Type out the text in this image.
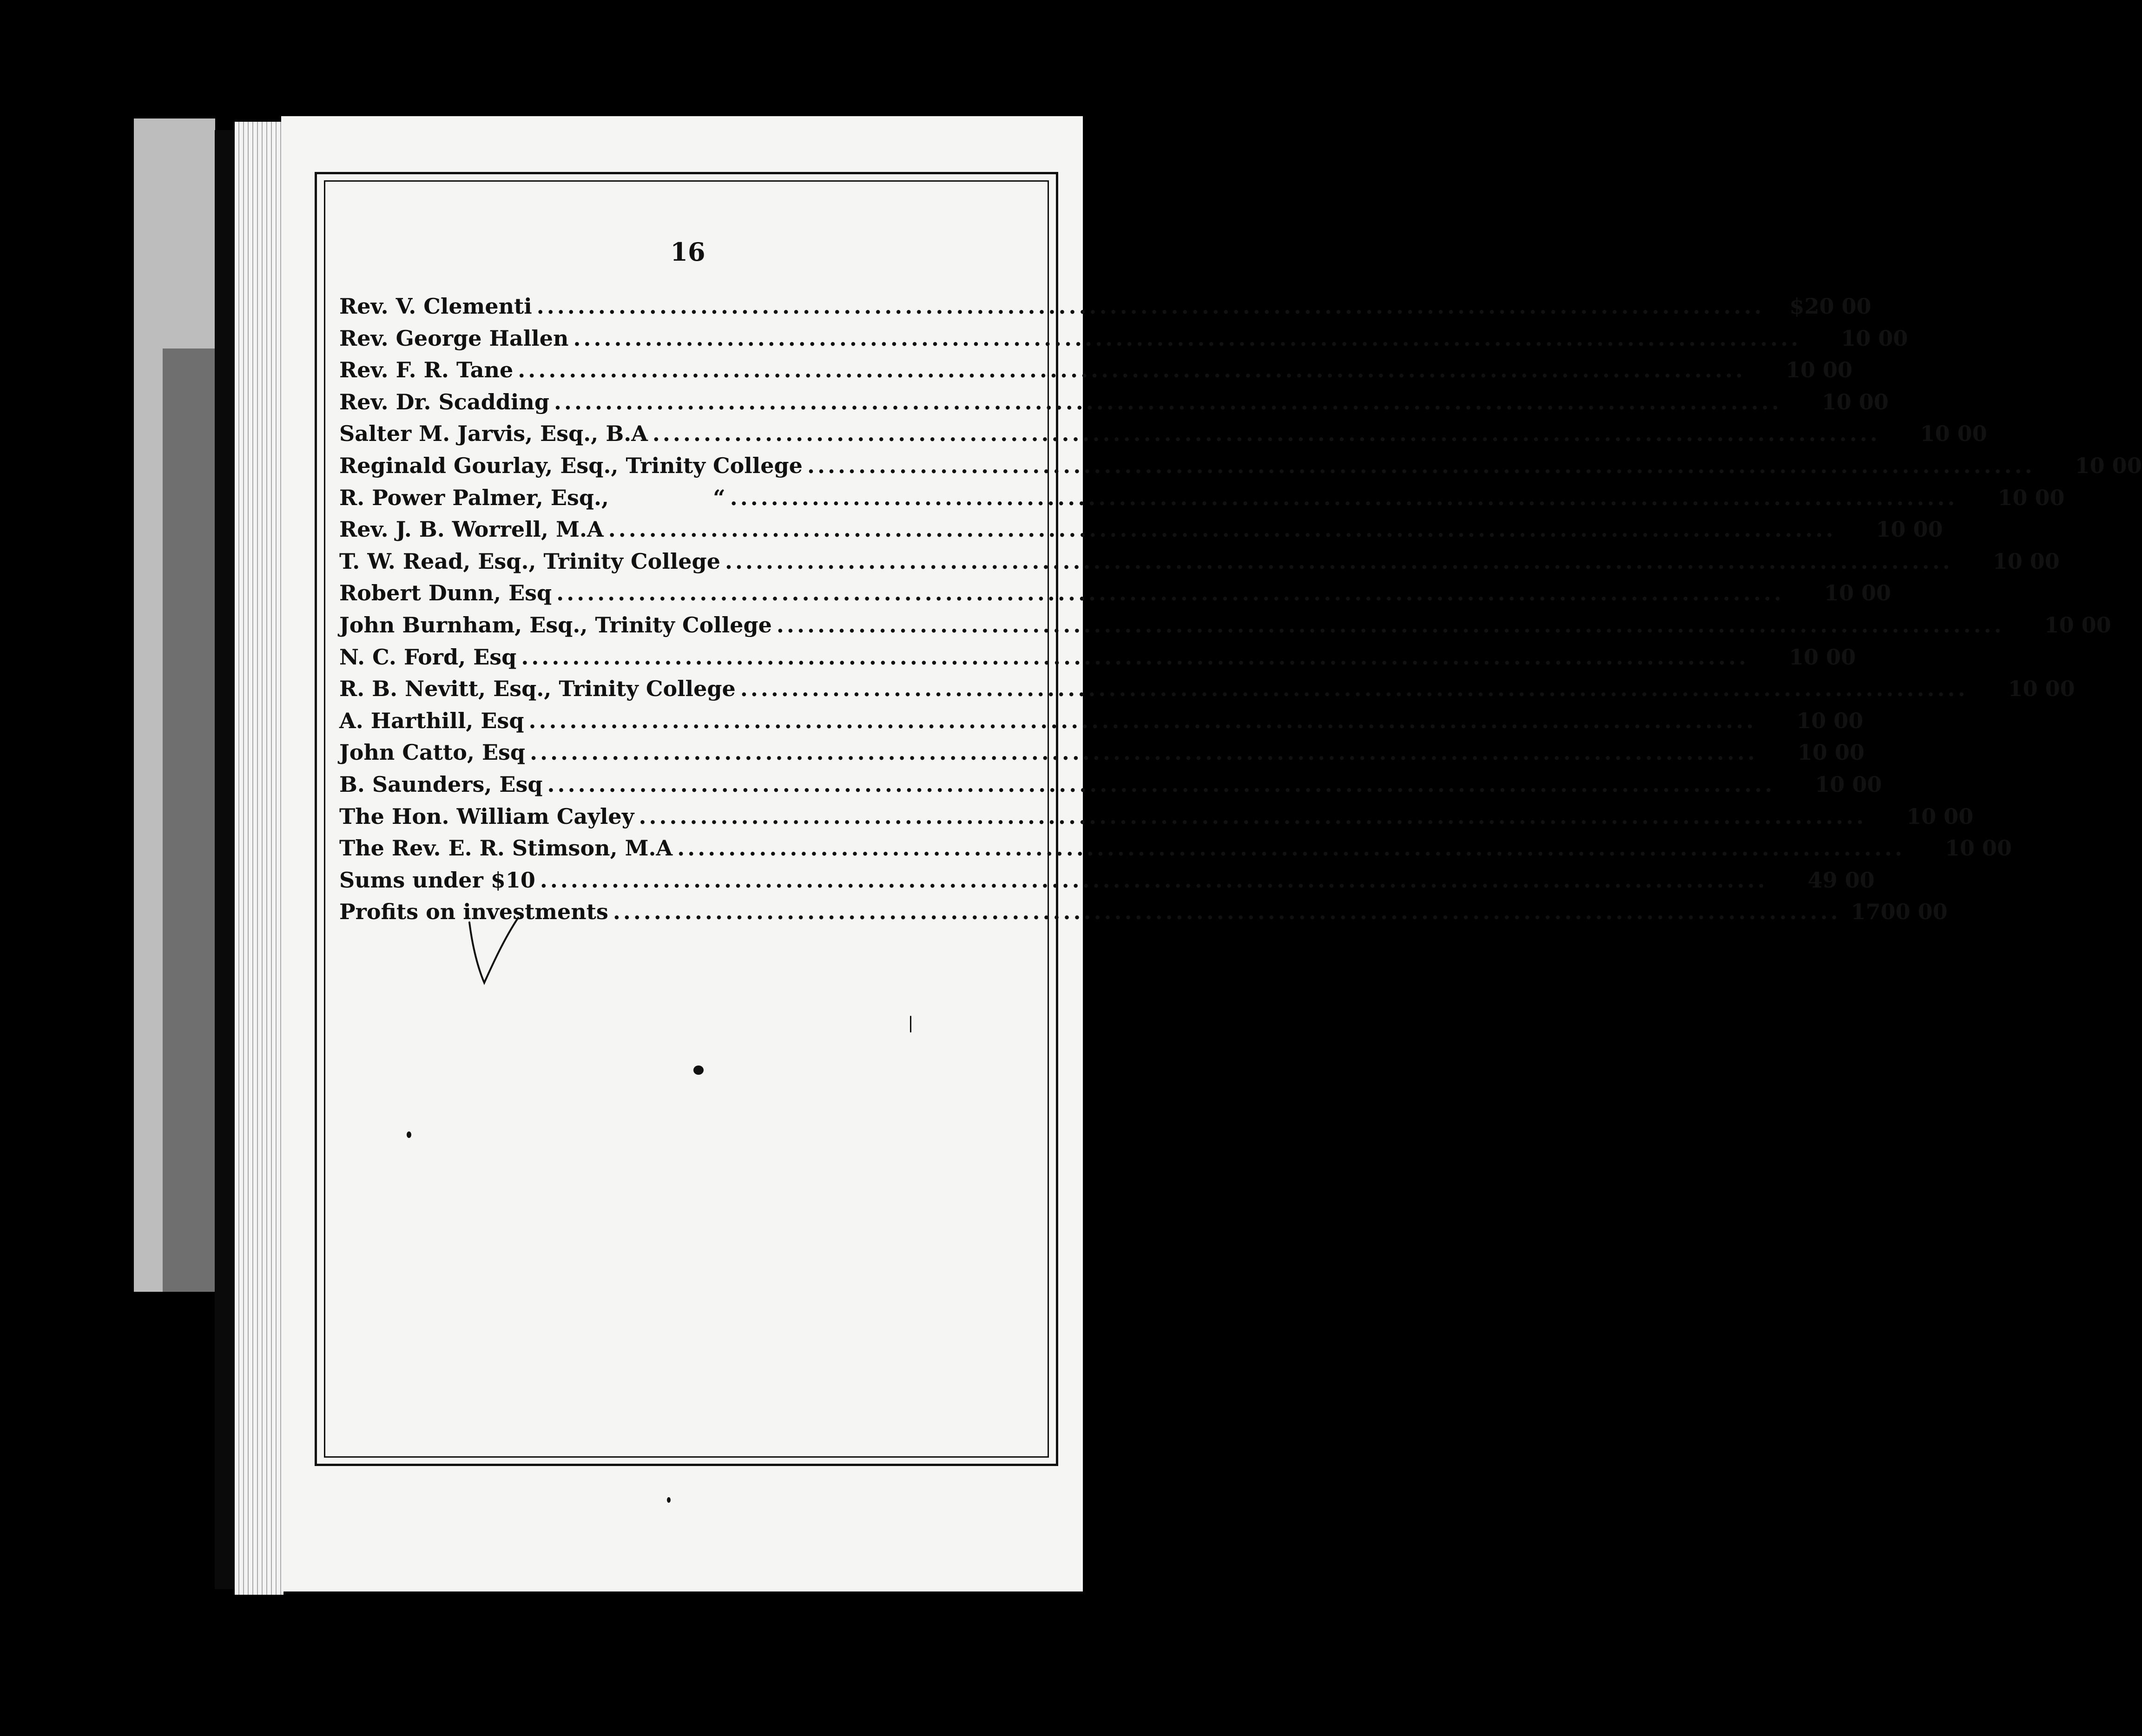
16
Rev. V. Clementi ........................................................................................................................	$20 00
Rev. George Hallen ........................................................................................................................	10 00
Rev. F. R. Tane ........................................................................................................................	10 00
Rev. Dr. Scadding ........................................................................................................................	10 00
Salter M. Jarvis, Esq., B.A ........................................................................................................................	10 00
Reginald Gourlay, Esq., Trinity College ........................................................................................................................	10 00
R. Power Palmer, Esq.,              “ ........................................................................................................................	10 00
Rev. J. B. Worrell, M.A ........................................................................................................................	10 00
T. W. Read, Esq., Trinity College ........................................................................................................................	10 00
Robert Dunn, Esq ........................................................................................................................	10 00
John Burnham, Esq., Trinity College ........................................................................................................................	10 00
N. C. Ford, Esq ........................................................................................................................	10 00
R. B. Nevitt, Esq., Trinity College ........................................................................................................................	10 00
A. Harthill, Esq ........................................................................................................................	10 00
John Catto, Esq ........................................................................................................................	10 00
B. Saunders, Esq ........................................................................................................................	10 00
The Hon. William Cayley ........................................................................................................................	10 00
The Rev. E. R. Stimson, M.A ........................................................................................................................	10 00
Sums under $10 ........................................................................................................................	49 00
Profits on investments ........................................................................................................................ 1700 00
